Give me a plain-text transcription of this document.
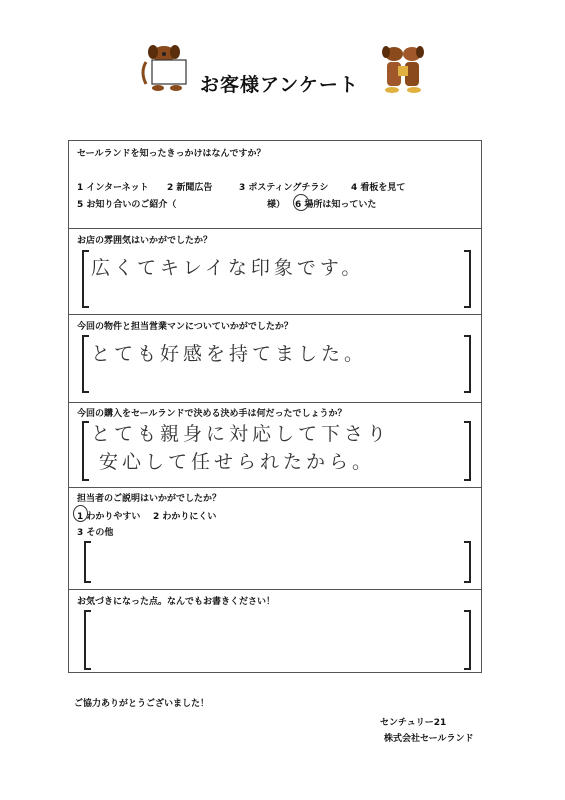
お客様アンケート
セールランドを知ったきっかけはなんですか？
1 インターネット 2 新聞広告	3 ポスティングチラシ	4 看板を見て
5 お知り合いのご紹介（	様） 6 場所は知っていた
お店の雰囲気はいかがでしたか？
広くてキレイな印象です。
今回の物件と担当営業マンについていかがでしたか？
とても好感を持てました。
今回の購入をセールランドで決める決め手は何だったでしょうか？
とても親身に対応して下さり
安心して任せられたから。
担当者のご説明はいかがでしたか？
1 わかりやすい 2 わかりにくい
3 その他
お気づきになった点。なんでもお書きください！
ご協力ありがとうございました！
センチュリー21
株式会社セールランド
